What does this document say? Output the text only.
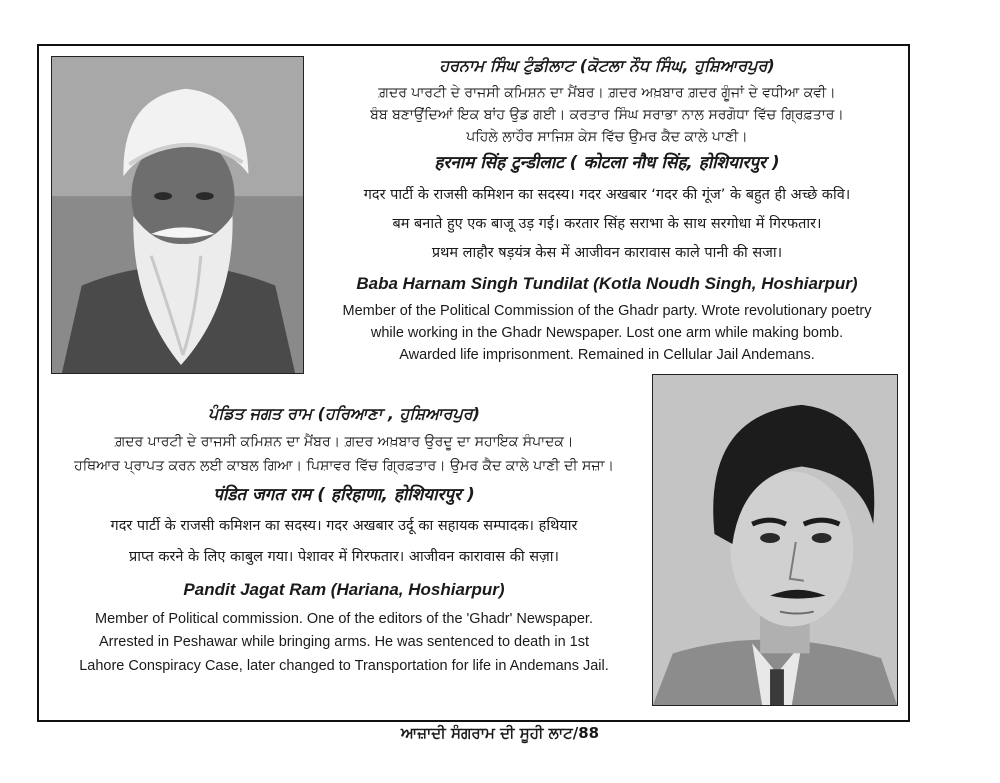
ਹਰਨਾਮ ਸਿੰਘ ਟੁੰਡੀਲਾਟ (ਕੋਟਲਾ ਨੌਧ ਸਿੰਘ, ਹੁਸ਼ਿਆਰਪੁਰ)
ਗ਼ਦਰ ਪਾਰਟੀ ਦੇ ਰਾਜਸੀ ਕਮਿਸ਼ਨ ਦਾ ਮੈਂਬਰ। ਗ਼ਦਰ ਅਖ਼ਬਾਰ ਗ਼ਦਰ ਗੂੰਜਾਂ ਦੇ ਵਧੀਆ ਕਵੀ।
ਬੰਬ ਬਣਾਉਂਦਿਆਂ ਇਕ ਬਾਂਹ ਉਡ ਗਈ। ਕਰਤਾਰ ਸਿੰਘ ਸਰਾਭਾ ਨਾਲ ਸਰਗੋਧਾ ਵਿੱਚ ਗ੍ਰਿਫ਼ਤਾਰ।
ਪਹਿਲੇ ਲਾਹੌਰ ਸਾਜਿਸ਼ ਕੇਸ ਵਿੱਚ ਉਮਰ ਕੈਦ ਕਾਲੇ ਪਾਣੀ।
हरनाम सिंह टुन्डीलाट ( कोटला नौध सिंह, होशियारपुर )
गदर पार्टी के राजसी कमिशन का सदस्य। गदर अखबार ‘गदर की गूंज’ के बहुत ही अच्छे कवि।
बम बनाते हुए एक बाजू उड़ गई। करतार सिंह सराभा के साथ सरगोधा में गिरफतार।
प्रथम लाहौर षड़यंत्र केस में आजीवन कारावास काले पानी की सजा।
Baba Harnam Singh Tundilat (Kotla Noudh Singh, Hoshiarpur)
Member of the Political Commission of the Ghadr party. Wrote revolutionary poetry
while working in the Ghadr Newspaper. Lost one arm while making bomb.
Awarded life imprisonment. Remained in Cellular Jail Andemans.
ਪੰਡਿਤ ਜਗਤ ਰਾਮ (ਹਰਿਆਣਾ , ਹੁਸ਼ਿਆਰਪੁਰ)
ਗ਼ਦਰ ਪਾਰਟੀ ਦੇ ਰਾਜਸੀ ਕਮਿਸ਼ਨ ਦਾ ਮੈਂਬਰ। ਗ਼ਦਰ ਅਖ਼ਬਾਰ ਉਰਦੂ ਦਾ ਸਹਾਇਕ ਸੰਪਾਦਕ।
ਹਥਿਆਰ ਪ੍ਰਾਪਤ ਕਰਨ ਲਈ ਕਾਬਲ ਗਿਆ। ਪਿਸ਼ਾਵਰ ਵਿੱਚ ਗ੍ਰਿਫ਼ਤਾਰ। ਉਮਰ ਕੈਦ ਕਾਲੇ ਪਾਣੀ ਦੀ ਸਜ਼ਾ।
पंडित जगत राम ( हरिहाणा, होशियारपुर )
गदर पार्टी के राजसी कमिशन का सदस्य। गदर अखबार उर्दू का सहायक सम्पादक। हथियार
प्राप्त करने के लिए काबुल गया। पेशावर में गिरफतार। आजीवन कारावास की सज़ा।
Pandit Jagat Ram (Hariana, Hoshiarpur)
Member of Political commission. One of the editors of the 'Ghadr' Newspaper.
Arrested in Peshawar while bringing arms. He was sentenced to death in 1st
Lahore Conspiracy Case, later changed to Transportation for life in Andemans Jail.
ਆਜ਼ਾਦੀ ਸੰਗਰਾਮ ਦੀ ਸੂਹੀ ਲਾਟ/88
